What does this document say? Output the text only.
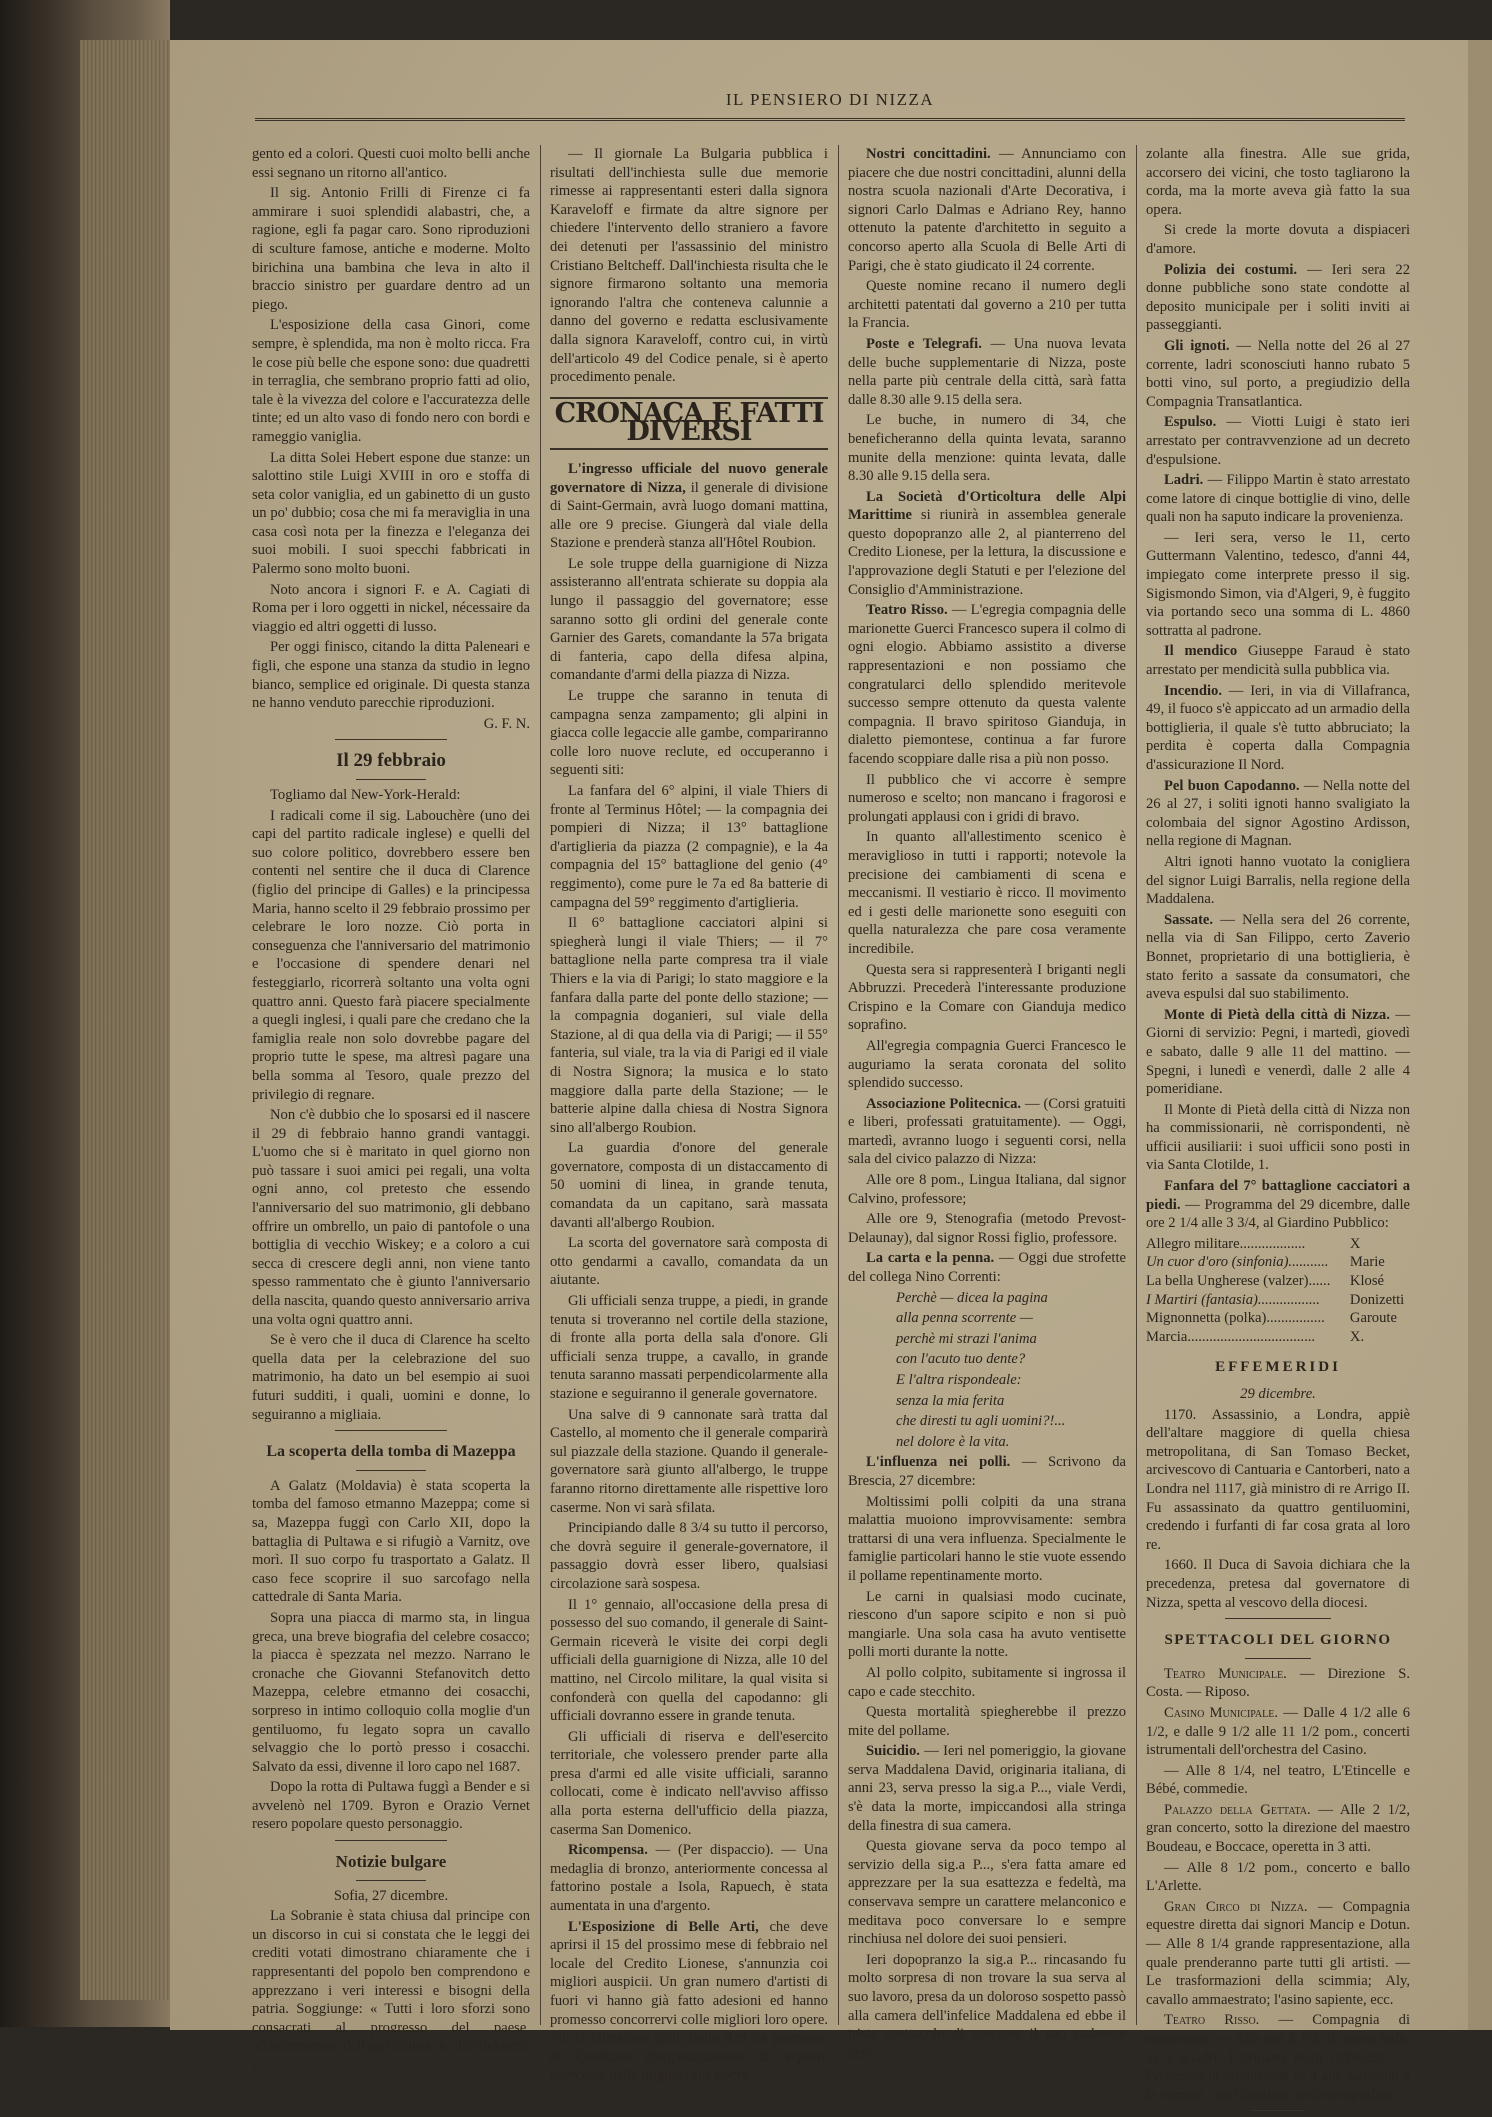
IL PENSIERO DI NIZZA

gento ed a colori. Questi cuoi molto belli anche essi segnano un ritorno all'antico.

Il sig. Antonio Frilli di Firenze ci fa ammirare i suoi splendidi alabastri, che, a ragione, egli fa pagar caro. Sono riproduzioni di sculture famose, antiche e moderne. Molto birichina una bambina che leva in alto il braccio sinistro per guardare dentro ad un piego.

L'esposizione della casa Ginori, come sempre, è splendida, ma non è molto ricca. Fra le cose più belle che espone sono: due quadretti in terraglia, che sembrano proprio fatti ad olio, tale è la vivezza del colore e l'accuratezza delle tinte; ed un alto vaso di fondo nero con bordi e rameggio vaniglia.

La ditta Solei Hebert espone due stanze: un salottino stile Luigi XVIII in oro e stoffa di seta color vaniglia, ed un gabinetto di un gusto un po' dubbio; cosa che mi fa meraviglia in una casa così nota per la finezza e l'eleganza dei suoi mobili. I suoi specchi fabbricati in Palermo sono molto buoni.

Noto ancora i signori F. e A. Cagiati di Roma per i loro oggetti in nickel, nécessaire da viaggio ed altri oggetti di lusso.

Per oggi finisco, citando la ditta Paleneari e figli, che espone una stanza da studio in legno bianco, semplice ed originale. Di questa stanza ne hanno venduto parecchie riproduzioni.

G. F. N.

Il 29 febbraio

Togliamo dal New-York-Herald:

I radicali come il sig. Labouchère (uno dei capi del partito radicale inglese) e quelli del suo colore politico, dovrebbero essere ben contenti nel sentire che il duca di Clarence (figlio del principe di Galles) e la principessa Maria, hanno scelto il 29 febbraio prossimo per celebrare le loro nozze. Ciò porta in conseguenza che l'anniversario del matrimonio e l'occasione di spendere denari nel festeggiarlo, ricorrerà soltanto una volta ogni quattro anni. Questo farà piacere specialmente a quegli inglesi, i quali pare che credano che la famiglia reale non solo dovrebbe pagare del proprio tutte le spese, ma altresì pagare una bella somma al Tesoro, quale prezzo del privilegio di regnare.

Non c'è dubbio che lo sposarsi ed il nascere il 29 di febbraio hanno grandi vantaggi. L'uomo che si è maritato in quel giorno non può tassare i suoi amici pei regali, una volta ogni anno, col pretesto che essendo l'anniversario del suo matrimonio, gli debbano offrire un ombrello, un paio di pantofole o una bottiglia di vecchio Wiskey; e a coloro a cui secca di crescere degli anni, non viene tanto spesso rammentato che è giunto l'anniversario della nascita, quando questo anniversario arriva una volta ogni quattro anni.

Se è vero che il duca di Clarence ha scelto quella data per la celebrazione del suo matrimonio, ha dato un bel esempio ai suoi futuri sudditi, i quali, uomini e donne, lo seguiranno a migliaia.

La scoperta della tomba di Mazeppa

A Galatz (Moldavia) è stata scoperta la tomba del famoso etmanno Mazeppa; come si sa, Mazeppa fuggì con Carlo XII, dopo la battaglia di Pultawa e si rifugiò a Varnitz, ove morì. Il suo corpo fu trasportato a Galatz. Il caso fece scoprire il suo sarcofago nella cattedrale di Santa Maria.

Sopra una piacca di marmo sta, in lingua greca, una breve biografia del celebre cosacco; la piacca è spezzata nel mezzo. Narrano le cronache che Giovanni Stefanovitch detto Mazeppa, celebre etmanno dei cosacchi, sorpreso in intimo colloquio colla moglie d'un gentiluomo, fu legato sopra un cavallo selvaggio che lo portò presso i cosacchi. Salvato da essi, divenne il loro capo nel 1687.

Dopo la rotta di Pultawa fuggì a Bender e si avvelenò nel 1709. Byron e Orazio Vernet resero popolare questo personaggio.

Notizie bulgare

Sofia, 27 dicembre.

La Sobranie è stata chiusa dal principe con un discorso in cui si constata che le leggi dei crediti votati dimostrano chiaramente che i rappresentanti del popolo ben comprendono e apprezzano i veri interessi e bisogni della patria. Soggiunge: « Tutti i loro sforzi sono consacrati al progresso del paese, all'incremento dell'agricoltura e dell'industria ».

— Il giornale La Bulgaria pubblica i risultati dell'inchiesta sulle due memorie rimesse ai rappresentanti esteri dalla signora Karaveloff e firmate da altre signore per chiedere l'intervento dello straniero a favore dei detenuti per l'assassinio del ministro Cristiano Beltcheff. Dall'inchiesta risulta che le signore firmarono soltanto una memoria ignorando l'altra che conteneva calunnie a danno del governo e redatta esclusivamente dalla signora Karaveloff, contro cui, in virtù dell'articolo 49 del Codice penale, si è aperto procedimento penale.

CRONACA E FATTI DIVERSI

L'ingresso ufficiale del nuovo generale governatore di Nizza, il generale di divisione di Saint-Germain, avrà luogo domani mattina, alle ore 9 precise. Giungerà dal viale della Stazione e prenderà stanza all'Hôtel Roubion.

Le sole truppe della guarnigione di Nizza assisteranno all'entrata schierate su doppia ala lungo il passaggio del governatore; esse saranno sotto gli ordini del generale conte Garnier des Garets, comandante la 57a brigata di fanteria, capo della difesa alpina, comandante d'armi della piazza di Nizza.

Le truppe che saranno in tenuta di campagna senza zampamento; gli alpini in giacca colle legaccie alle gambe, compariranno colle loro nuove reclute, ed occuperanno i seguenti siti:

La fanfara del 6° alpini, il viale Thiers di fronte al Terminus Hôtel; — la compagnia dei pompieri di Nizza; il 13° battaglione d'artiglieria da piazza (2 compagnie), e la 4a compagnia del 15° battaglione del genio (4° reggimento), come pure le 7a ed 8a batterie di campagna del 59° reggimento d'artiglieria.

Il 6° battaglione cacciatori alpini si spiegherà lungi il viale Thiers; — il 7° battaglione nella parte compresa tra il viale Thiers e la via di Parigi; lo stato maggiore e la fanfara dalla parte del ponte dello stazione; — la compagnia doganieri, sul viale della Stazione, al di qua della via di Parigi; — il 55° fanteria, sul viale, tra la via di Parigi ed il viale di Nostra Signora; la musica e lo stato maggiore dalla parte della Stazione; — le batterie alpine dalla chiesa di Nostra Signora sino all'albergo Roubion.

La guardia d'onore del generale governatore, composta di un distaccamento di 50 uomini di linea, in grande tenuta, comandata da un capitano, sarà massata davanti all'albergo Roubion.

La scorta del governatore sarà composta di otto gendarmi a cavallo, comandata da un aiutante.

Gli ufficiali senza truppe, a piedi, in grande tenuta si troveranno nel cortile della stazione, di fronte alla porta della sala d'onore. Gli ufficiali senza truppe, a cavallo, in grande tenuta saranno massati perpendicolarmente alla stazione e seguiranno il generale governatore.

Una salve di 9 cannonate sarà tratta dal Castello, al momento che il generale comparirà sul piazzale della stazione. Quando il generale-governatore sarà giunto all'albergo, le truppe faranno ritorno direttamente alle rispettive loro caserme. Non vi sarà sfilata.

Principiando dalle 8 3/4 su tutto il percorso, che dovrà seguire il generale-governatore, il passaggio dovrà esser libero, qualsiasi circolazione sarà sospesa.

Il 1° gennaio, all'occasione della presa di possesso del suo comando, il generale di Saint-Germain riceverà le visite dei corpi degli ufficiali della guarnigione di Nizza, alle 10 del mattino, nel Circolo militare, la qual visita si confonderà con quella del capodanno: gli ufficiali dovranno essere in grande tenuta.

Gli ufficiali di riserva e dell'esercito territoriale, che volessero prender parte alla presa d'armi ed alle visite ufficiali, saranno collocati, come è indicato nell'avviso affisso alla porta esterna dell'ufficio della piazza, caserma San Domenico.

Ricompensa. — (Per dispaccio). — Una medaglia di bronzo, anteriormente concessa al fattorino postale a Isola, Rapuech, è stata aumentata in una d'argento.

L'Esposizione di Belle Arti, che deve aprirsi il 15 del prossimo mese di febbraio nel locale del Credito Lionese, s'annunzia coi migliori auspicii. Un gran numero d'artisti di fuori vi hanno già fatto adesioni ed hanno promesso concorrervi colle migliori loro opere. Più la Direzione delle Belle Arti ha promesso al Comitato d'organizzazione di esporre parecchie delle migliori sue opere.

Nostri concittadini. — Annunciamo con piacere che due nostri concittadini, alunni della nostra scuola nazionali d'Arte Decorativa, i signori Carlo Dalmas e Adriano Rey, hanno ottenuto la patente d'architetto in seguito a concorso aperto alla Scuola di Belle Arti di Parigi, che è stato giudicato il 24 corrente.

Queste nomine recano il numero degli architetti patentati dal governo a 210 per tutta la Francia.

Poste e Telegrafi. — Una nuova levata delle buche supplementarie di Nizza, poste nella parte più centrale della città, sarà fatta dalle 8.30 alle 9.15 della sera.

Le buche, in numero di 34, che beneficheranno della quinta levata, saranno munite della menzione: quinta levata, dalle 8.30 alle 9.15 della sera.

La Società d'Orticoltura delle Alpi Marittime si riunirà in assemblea generale questo dopopranzo alle 2, al pianterreno del Credito Lionese, per la lettura, la discussione e l'approvazione degli Statuti e per l'elezione del Consiglio d'Amministrazione.

Teatro Risso. — L'egregia compagnia delle marionette Guerci Francesco supera il colmo di ogni elogio. Abbiamo assistito a diverse rappresentazioni e non possiamo che congratularci dello splendido meritevole successo sempre ottenuto da questa valente compagnia. Il bravo spiritoso Gianduja, in dialetto piemontese, continua a far furore facendo scoppiare dalle risa a più non posso.

Il pubblico che vi accorre è sempre numeroso e scelto; non mancano i fragorosi e prolungati applausi con i gridi di bravo.

In quanto all'allestimento scenico è meraviglioso in tutti i rapporti; notevole la precisione dei cambiamenti di scena e meccanismi. Il vestiario è ricco. Il movimento ed i gesti delle marionette sono eseguiti con quella naturalezza che pare cosa veramente incredibile.

Questa sera si rappresenterà I briganti negli Abbruzzi. Precederà l'interessante produzione Crispino e la Comare con Gianduja medico soprafino.

All'egregia compagnia Guerci Francesco le auguriamo la serata coronata del solito splendido successo.

Associazione Politecnica. — (Corsi gratuiti e liberi, professati gratuitamente). — Oggi, martedì, avranno luogo i seguenti corsi, nella sala del civico palazzo di Nizza:

Alle ore 8 pom., Lingua Italiana, dal signor Calvino, professore;

Alle ore 9, Stenografia (metodo Prevost-Delaunay), dal signor Rossi figlio, professore.

La carta e la penna. — Oggi due strofette del collega Nino Correnti:

Perchè — dicea la pagina

alla penna scorrente —

perchè mi strazi l'anima

con l'acuto tuo dente?

E l'altra rispondeale:

senza la mia ferita

che diresti tu agli uomini?!...

nel dolore è la vita.

L'influenza nei polli. — Scrivono da Brescia, 27 dicembre:

Moltissimi polli colpiti da una strana malattia muoiono improvvisamente: sembra trattarsi di una vera influenza. Specialmente le famiglie particolari hanno le stie vuote essendo il pollame repentinamente morto.

Le carni in qualsiasi modo cucinate, riescono d'un sapore scipito e non si può mangiarle. Una sola casa ha avuto ventisette polli morti durante la notte.

Al pollo colpito, subitamente si ingrossa il capo e cade stecchito.

Questa mortalità spiegherebbe il prezzo mite del pollame.

Suicidio. — Ieri nel pomeriggio, la giovane serva Maddalena David, originaria italiana, di anni 23, serva presso la sig.a P..., viale Verdi, s'è data la morte, impiccandosi alla stringa della finestra di sua camera.

Questa giovane serva da poco tempo al servizio della sig.a P..., s'era fatta amare ed apprezzare per la sua esattezza e fedeltà, ma conservava sempre un carattere melanconico e meditava poco conversare lo e sempre rinchiusa nel dolore dei suoi pensieri.

Ieri dopopranzo la sig.a P... rincasando fu molto sorpresa di non trovare la sua serva al suo lavoro, presa da un doloroso sospetto passò alla camera dell'infelice Maddalena ed ebbe il triste spettacolo di scorgere il suo cadavere pen-

zolante alla finestra. Alle sue grida, accorsero dei vicini, che tosto tagliarono la corda, ma la morte aveva già fatto la sua opera.

Si crede la morte dovuta a dispiaceri d'amore.

Polizia dei costumi. — Ieri sera 22 donne pubbliche sono state condotte al deposito municipale per i soliti inviti ai passeggianti.

Gli ignoti. — Nella notte del 26 al 27 corrente, ladri sconosciuti hanno rubato 5 botti vino, sul porto, a pregiudizio della Compagnia Transatlantica.

Espulso. — Viotti Luigi è stato ieri arrestato per contravvenzione ad un decreto d'espulsione.

Ladri. — Filippo Martin è stato arrestato come latore di cinque bottiglie di vino, delle quali non ha saputo indicare la provenienza.

— Ieri sera, verso le 11, certo Guttermann Valentino, tedesco, d'anni 44, impiegato come interprete presso il sig. Sigismondo Simon, via d'Algeri, 9, è fuggito via portando seco una somma di L. 4860 sottratta al padrone.

Il mendico Giuseppe Faraud è stato arrestato per mendicità sulla pubblica via.

Incendio. — Ieri, in via di Villafranca, 49, il fuoco s'è appiccato ad un armadio della bottiglieria, il quale s'è tutto abbruciato; la perdita è coperta dalla Compagnia d'assicurazione Il Nord.

Pel buon Capodanno. — Nella notte del 26 al 27, i soliti ignoti hanno svaligiato la colombaia del signor Agostino Ardisson, nella regione di Magnan.

Altri ignoti hanno vuotato la conigliera del signor Luigi Barralis, nella regione della Maddalena.

Sassate. — Nella sera del 26 corrente, nella via di San Filippo, certo Zaverio Bonnet, proprietario di una bottiglieria, è stato ferito a sassate da consumatori, che aveva espulsi dal suo stabilimento.

Monte di Pietà della città di Nizza. — Giorni di servizio: Pegni, i martedì, giovedì e sabato, dalle 9 alle 11 del mattino. — Spegni, i lunedì e venerdì, dalle 2 alle 4 pomeridiane.

Il Monte di Pietà della città di Nizza non ha commissionarii, nè corrispondenti, nè ufficii ausiliarii: i suoi ufficii sono posti in via Santa Clotilde, 1.

Fanfara del 7° battaglione cacciatori a piedi. — Programma del 29 dicembre, dalle ore 2 1/4 alle 3 3/4, al Giardino Pubblico:

Allegro militare..................	X
Un cuor d'oro (sinfonia)...........	Marie
La bella Ungherese (valzer)......	Klosé
I Martiri (fantasia).................	Donizetti
Mignonnetta (polka)................	Garoute
Marcia...................................	X.
EFFEMERIDI

29 dicembre.

1170. Assassinio, a Londra, appiè dell'altare maggiore di quella chiesa metropolitana, di San Tomaso Becket, arcivescovo di Cantuaria e Cantorberi, nato a Londra nel 1117, già ministro di re Arrigo II. Fu assassinato da quattro gentiluomini, credendo i furfanti di far cosa grata al loro re.

1660. Il Duca di Savoia dichiara che la precedenza, pretesa dal governatore di Nizza, spetta al vescovo della diocesi.

SPETTACOLI DEL GIORNO

Teatro Municipale. — Direzione S. Costa. — Riposo.

Casino Municipale. — Dalle 4 1/2 alle 6 1/2, e dalle 9 1/2 alle 11 1/2 pom., concerti istrumentali dell'orchestra del Casino.

— Alle 8 1/4, nel teatro, L'Etincelle e Bébé, commedie.

Palazzo della Gettata. — Alle 2 1/2, gran concerto, sotto la direzione del maestro Boudeau, e Boccace, operetta in 3 atti.

— Alle 8 1/2 pom., concerto e ballo L'Arlette.

Gran Circo di Nizza. — Compagnia equestre diretta dai signori Mancip e Dotun. — Alle 8 1/4 grande rappresentazione, alla quale prenderanno parte tutti gli artisti. — Le trasformazioni della scimmia; Aly, cavallo ammaestrato; l'asino sapiente, ecc.

Teatro Risso. — Compagnia di marionette. — Alle ore 8 1/2, il nuovo ballo in 3 quadri, I briganti negli Abbruzzi. — Precederà la produzione in 4 atti, Crispino e la comare, con Gianduja medico soprafino.
